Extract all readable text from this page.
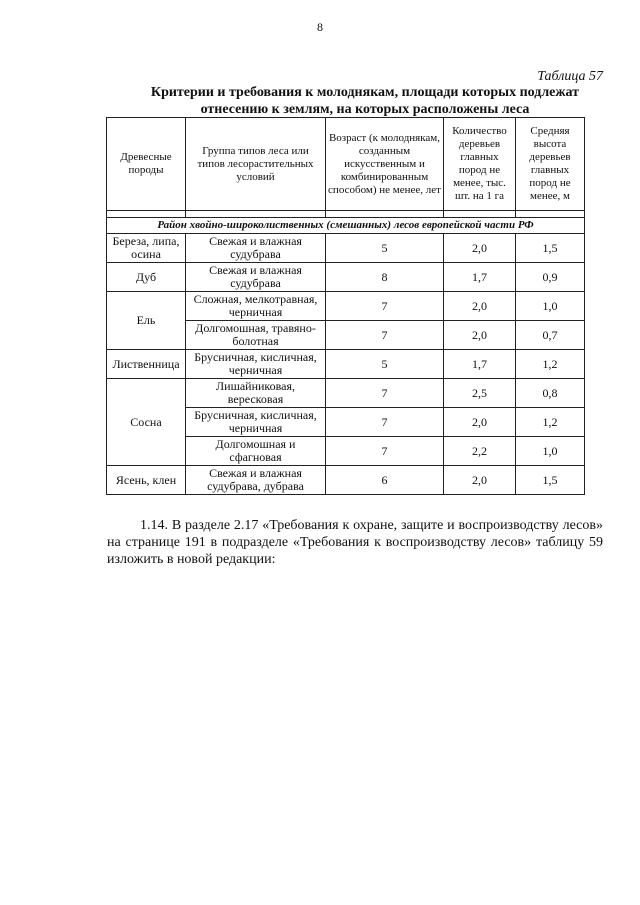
8
Таблица 57
Критерии и требования к молоднякам, площади которых подлежат отнесению к землям, на которых расположены леса
Древесные породы	Группа типов леса или типов лесорастительных условий	Возраст (к молоднякам, созданным искусственным и комбинированным способом) не менее, лет	Количество деревьев главных пород не менее, тыс. шт. на 1 га	Средняя высота деревьев главных пород не менее, м

Район хвойно-широколиственных (смешанных) лесов европейской части РФ				
Береза, липа, осина	Свежая и влажная судубрава	5	2,0	1,5
Дуб	Свежая и влажная судубрава	8	1,7	0,9
Ель	Сложная, мелкотравная, черничная	7	2,0	1,0
	Долгомошная, травяно-болотная	7	2,0	0,7
Лиственница	Брусничная, кисличная, черничная	5	1,7	1,2
Сосна	Лишайниковая, вересковая	7	2,5	0,8
	Брусничная, кисличная, черничная	7	2,0	1,2
	Долгомошная и сфагновая	7	2,2	1,0
Ясень, клен	Свежая и влажная судубрава, дубрава	6	2,0	1,5
1.14. В разделе 2.17 «Требования к охране, защите и воспроизводству лесов» на странице 191 в подразделе «Требования к воспроизводству лесов» таблицу 59 изложить в новой редакции:
